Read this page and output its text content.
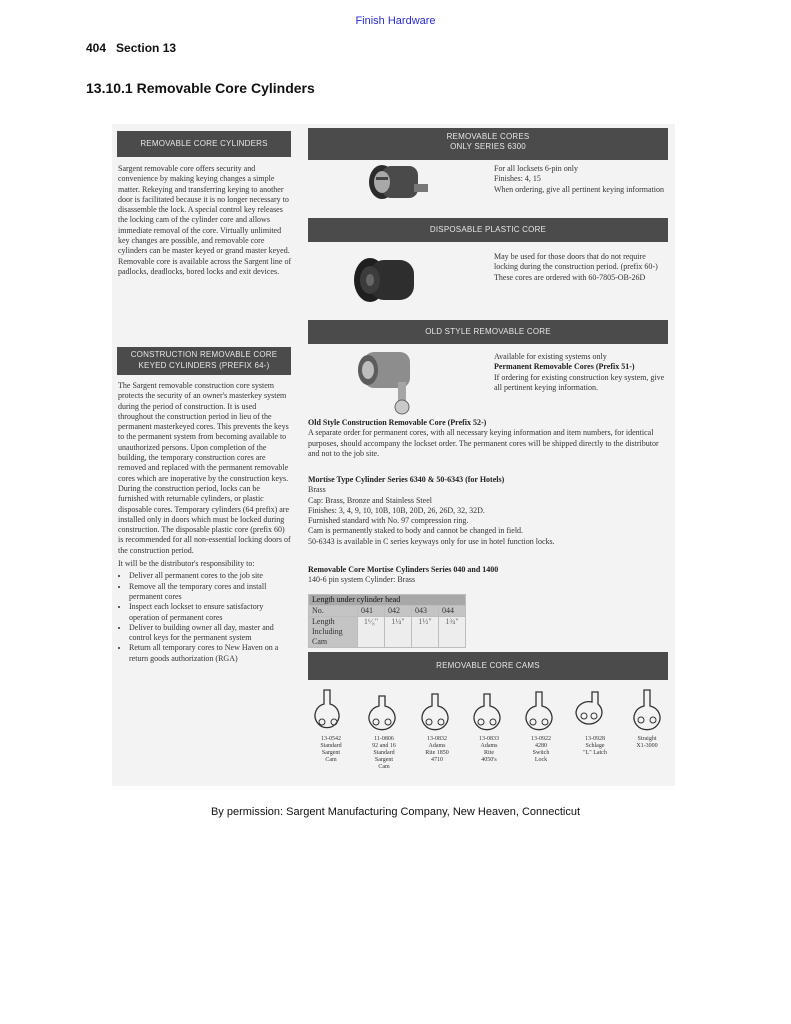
Finish Hardware
404   Section 13
13.10.1 Removable Core Cylinders
REMOVABLE CORE CYLINDERS

Sargent removable core offers security and convenience by making keying changes a simple matter. Rekeying and transferring keying to another door is facilitated because it is no longer necessary to disassemble the lock. A special control key releases the locking cam of the cylinder core and allows immediate removal of the core. Virtually unlimited key changes are possible, and removable core cylinders can be master keyed or grand master keyed. Removable core is available across the Sargent line of padlocks, deadlocks, bored locks and exit devices.

CONSTRUCTION REMOVABLE CORE KEYED CYLINDERS (PREFIX 64-)

The Sargent removable construction core system protects the security of an owner's masterkey system during the period of construction. It is used throughout the construction period in lieu of the permanent masterkeyed cores. This prevents the keys to the permanent system from becoming available to unauthorized persons. Upon completion of the building, the temporary construction cores are removed and replaced with the permanent removable cores which are inoperative by the construction keys. During the construction period, locks can be furnished with returnable cylinders, or plastic disposable cores. Temporary cylinders (64 prefix) are installed only in doors which must be locked during construction. The disposable plastic core (prefix 60) is recommended for all non-essential locking doors of the construction period.

It will be the distributor's responsibility to:

• Deliver all permanent cores to the job site
• Remove all the temporary cores and install permanent cores
• Inspect each lockset to ensure satisfactory operation of permanent cores
• Deliver to building owner all day, master and control keys for the permanent system
• Return all temporary cores to New Haven on a return goods authorization (RGA)
REMOVABLE CORES
ONLY SERIES 6300

For all locksets 6-pin only

Finishes: 4, 15

When ordering, give all pertinent keying information

DISPOSABLE PLASTIC CORE

May be used for those doors that do not require locking during the construction period. (prefix 60-)

These cores are ordered with 60-7805-OB-26D

OLD STYLE REMOVABLE CORE

Available for existing systems only

Permanent Removable Cores (Prefix 51-)

If ordering for existing construction key system, give all pertinent keying information.

Old Style Construction Removable Core (Prefix 52-)

A separate order for permanent cores, with all necessary keying information and item numbers, for identical purposes, should accompany the lockset order. The permanent cores will be shipped directly to the distributor and not to the job site.

Mortise Type Cylinder Series 6340 & 50-6343 (for Hotels)

Brass

Cap: Brass, Bronze and Stainless Steel

Finishes: 3, 4, 9, 10, 10B, 10B, 20D, 26, 26D, 32, 32D.

Furnished standard with No. 97 compression ring.

Cam is permanently staked to body and cannot be changed in field.

50-6343 is available in C series keyways only for use in hotel function locks.

Removable Core Mortise Cylinders Series 040 and 1400

140-6 pin system Cylinder: Brass

Length under cylinder head				
No.	041	042	043	044

Length
Including
Cam	1⁶⁄₈"	1¼"	1½"	1¾"
REMOVABLE CORE CAMS
13-0542
Standard
Sargent
Cam
11-0806
92 and 16
Standard
Sargent
Cam
13-0832
Adams
Rite 1850
4710
13-0833
Adams
Rite
4050's
13-0922
4280
Switch
Lock
13-0928
Schlage
"L" Latch
Straight
X1-3000
By permission: Sargent Manufacturing Company, New Heaven, Connecticut
